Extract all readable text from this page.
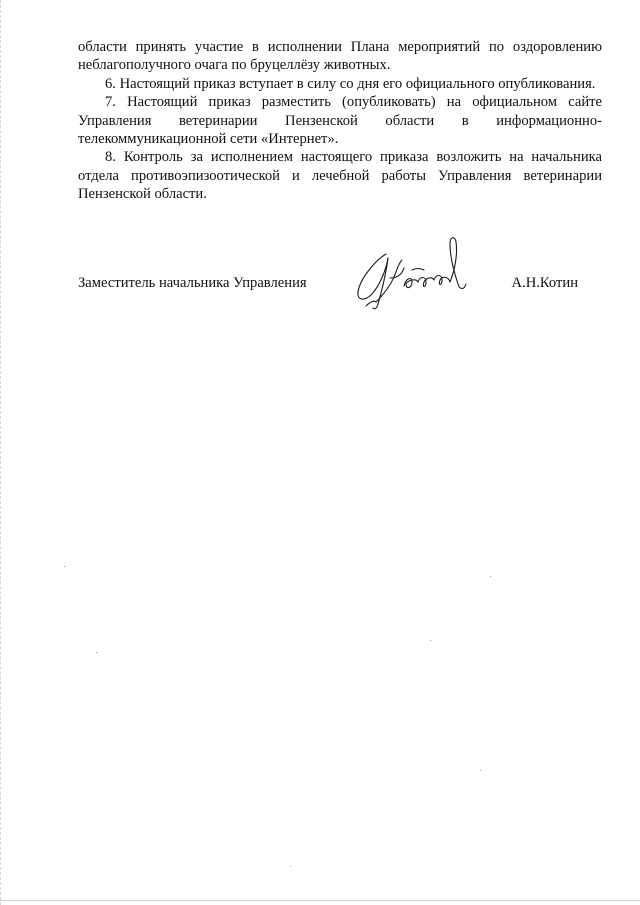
области принять участие в исполнении Плана мероприятий по оздоровлению неблагополучного очага по бруцеллёзу животных.

6. Настоящий приказ вступает в силу со дня его официального опубликования.

7. Настоящий приказ разместить (опубликовать) на официальном сайте Управления ветеринарии Пензенской области в информационно-телекоммуникационной сети «Интернет».

8. Контроль за исполнением настоящего приказа возложить на начальника отдела противоэпизоотической и лечебной работы Управления ветеринарии Пензенской области.

Заместитель начальника Управления	А.Н.Котин
